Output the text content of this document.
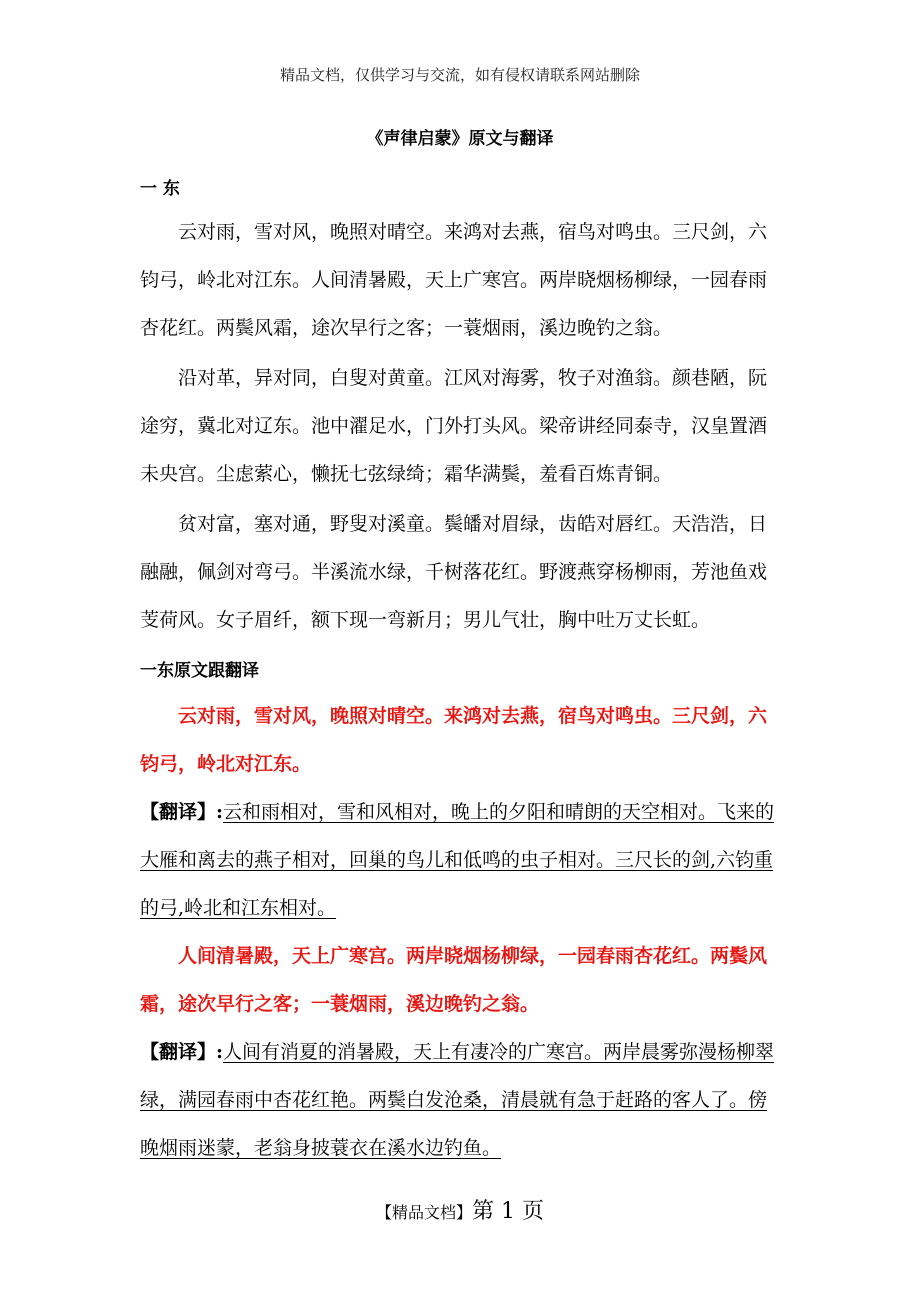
精品文档，仅供学习与交流，如有侵权请联系网站删除
《声律启蒙》原文与翻译
一 东

云对雨，雪对风，晚照对晴空。来鸿对去燕，宿鸟对鸣虫。三尺剑，六钧弓，岭北对江东。人间清暑殿，天上广寒宫。两岸晓烟杨柳绿，一园春雨杏花红。两鬓风霜，途次早行之客；一蓑烟雨，溪边晚钓之翁。

沿对革，异对同，白叟对黄童。江风对海雾，牧子对渔翁。颜巷陋，阮途穷，冀北对辽东。池中濯足水，门外打头风。梁帝讲经同泰寺，汉皇置酒未央宫。尘虑萦心，懒抚七弦绿绮；霜华满鬓，羞看百炼青铜。

贫对富，塞对通，野叟对溪童。鬓皤对眉绿，齿皓对唇红。天浩浩，日融融，佩剑对弯弓。半溪流水绿，千树落花红。野渡燕穿杨柳雨，芳池鱼戏芰荷风。女子眉纤，额下现一弯新月；男儿气壮，胸中吐万丈长虹。

一东原文跟翻译

云对雨，雪对风，晚照对晴空。来鸿对去燕，宿鸟对鸣虫。三尺剑，六钧弓，岭北对江东。

【翻译】:云和雨相对，雪和风相对，晚上的夕阳和晴朗的天空相对。飞来的大雁和离去的燕子相对，回巢的鸟儿和低鸣的虫子相对。三尺长的剑,六钧重的弓,岭北和江东相对。

人间清暑殿，天上广寒宫。两岸晓烟杨柳绿，一园春雨杏花红。两鬓风霜，途次早行之客；一蓑烟雨，溪边晚钓之翁。

【翻译】:人间有消夏的消暑殿，天上有凄冷的广寒宫。两岸晨雾弥漫杨柳翠绿，满园春雨中杏花红艳。两鬓白发沧桑，清晨就有急于赶路的客人了。傍晚烟雨迷蒙，老翁身披蓑衣在溪水边钓鱼。

【精品文档】第 1 页
